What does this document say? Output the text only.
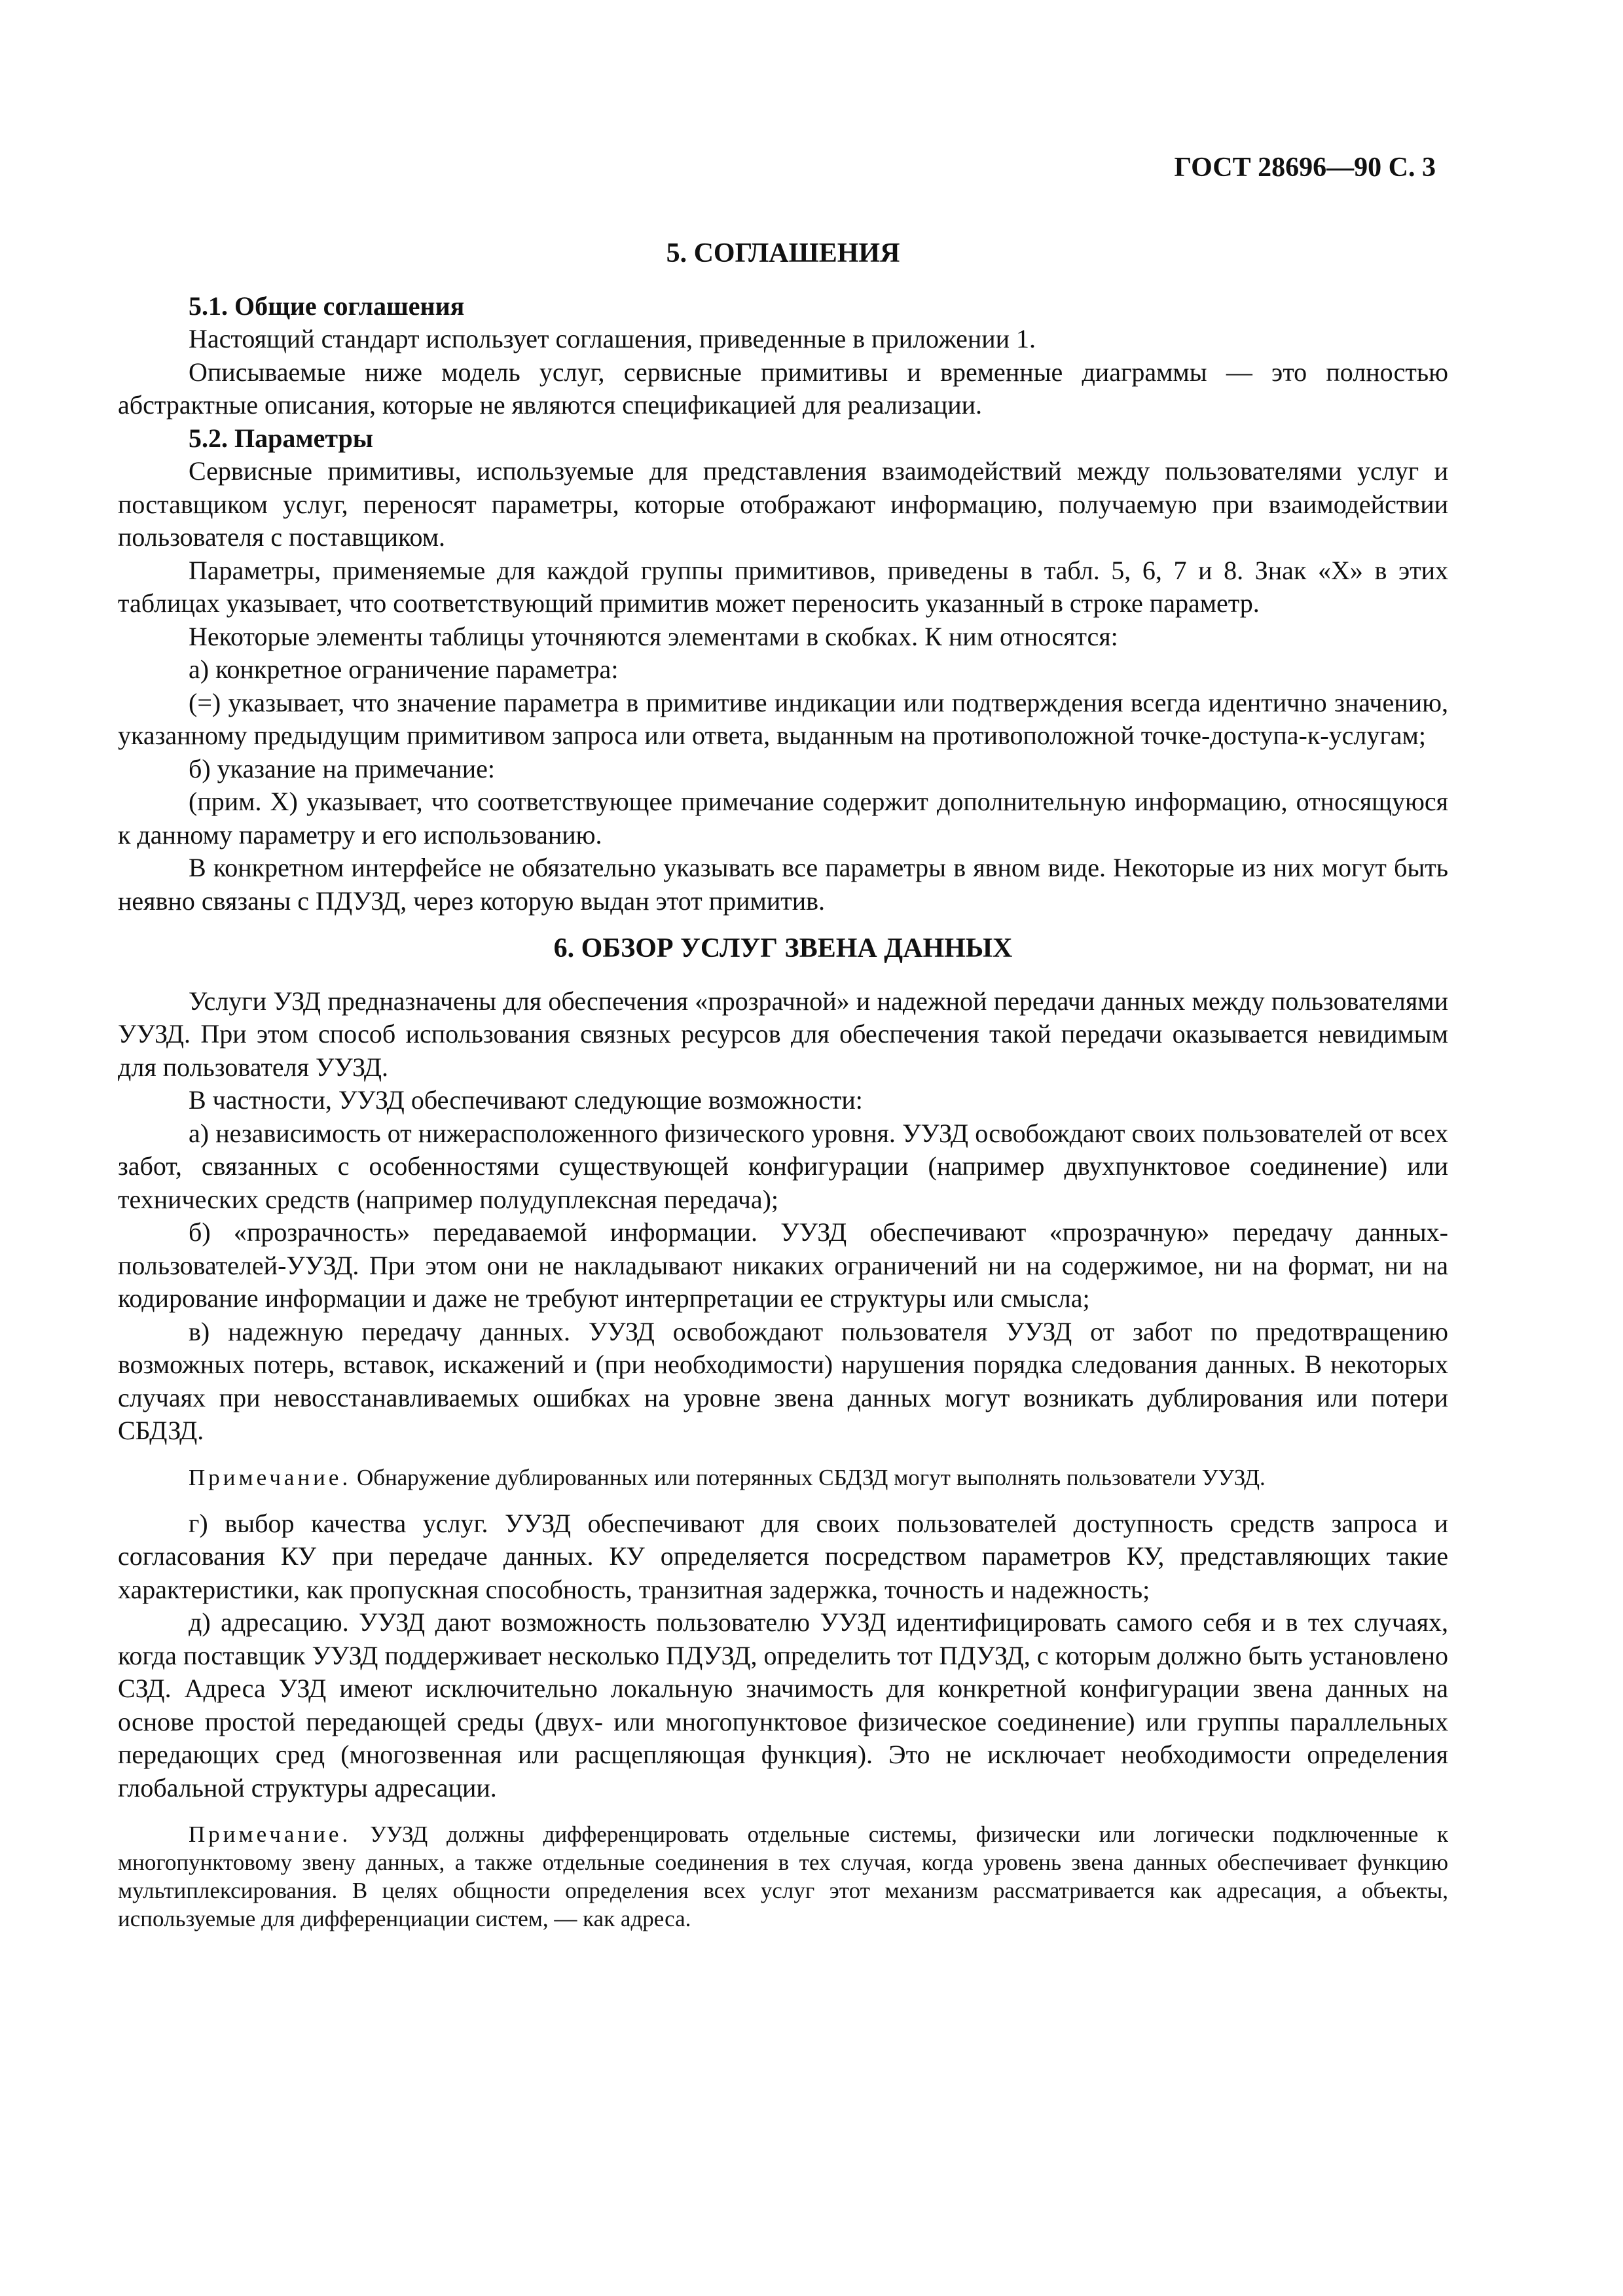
ГОСТ 28696—90 С. 3

5. СОГЛАШЕНИЯ

5.1. Общие соглашения

Настоящий стандарт использует соглашения, приведенные в приложении 1.

Описываемые ниже модель услуг, сервисные примитивы и временные диаграммы — это полностью абстрактные описания, которые не являются спецификацией для реализации.

5.2. Параметры

Сервисные примитивы, используемые для представления взаимодействий между пользователями услуг и поставщиком услуг, переносят параметры, которые отображают информацию, получаемую при взаимодействии пользователя с поставщиком.

Параметры, применяемые для каждой группы примитивов, приведены в табл. 5, 6, 7 и 8. Знак «Х» в этих таблицах указывает, что соответствующий примитив может переносить указанный в строке параметр.

Некоторые элементы таблицы уточняются элементами в скобках. К ним относятся:

а) конкретное ограничение параметра:

(=) указывает, что значение параметра в примитиве индикации или подтверждения всегда идентично значению, указанному предыдущим примитивом запроса или ответа, выданным на противоположной точке-доступа-к-услугам;

б) указание на примечание:

(прим. Х) указывает, что соответствующее примечание содержит дополнительную информацию, относящуюся к данному параметру и его использованию.

В конкретном интерфейсе не обязательно указывать все параметры в явном виде. Некоторые из них могут быть неявно связаны с ПДУЗД, через которую выдан этот примитив.

6. ОБЗОР УСЛУГ ЗВЕНА ДАННЫХ

Услуги УЗД предназначены для обеспечения «прозрачной» и надежной передачи данных между пользователями УУЗД. При этом способ использования связных ресурсов для обеспечения такой передачи оказывается невидимым для пользователя УУЗД.

В частности, УУЗД обеспечивают следующие возможности:

а) независимость от нижерасположенного физического уровня. УУЗД освобождают своих пользователей от всех забот, связанных с особенностями существующей конфигурации (например двухпунктовое соединение) или технических средств (например полудуплексная передача);

б) «прозрачность» передаваемой информации. УУЗД обеспечивают «прозрачную» передачу данных-пользователей-УУЗД. При этом они не накладывают никаких ограничений ни на содержимое, ни на формат, ни на кодирование информации и даже не требуют интерпретации ее структуры или смысла;

в) надежную передачу данных. УУЗД освобождают пользователя УУЗД от забот по предотвращению возможных потерь, вставок, искажений и (при необходимости) нарушения порядка следования данных. В некоторых случаях при невосстанавливаемых ошибках на уровне звена данных могут возникать дублирования или потери СБДЗД.

Примечание. Обнаружение дублированных или потерянных СБДЗД могут выполнять пользователи УУЗД.

г) выбор качества услуг. УУЗД обеспечивают для своих пользователей доступность средств запроса и согласования КУ при передаче данных. КУ определяется посредством параметров КУ, представляющих такие характеристики, как пропускная способность, транзитная задержка, точность и надежность;

д) адресацию. УУЗД дают возможность пользователю УУЗД идентифицировать самого себя и в тех случаях, когда поставщик УУЗД поддерживает несколько ПДУЗД, определить тот ПДУЗД, с которым должно быть установлено СЗД. Адреса УЗД имеют исключительно локальную значимость для конкретной конфигурации звена данных на основе простой передающей среды (двух- или многопунктовое физическое соединение) или группы параллельных передающих сред (многозвенная или расщепляющая функция). Это не исключает необходимости определения глобальной структуры адресации.

Примечание. УУЗД должны дифференцировать отдельные системы, физически или логически подключенные к многопунктовому звену данных, а также отдельные соединения в тех случая, когда уровень звена данных обеспечивает функцию мультиплексирования. В целях общности определения всех услуг этот механизм рассматривается как адресация, а объекты, используемые для дифференциации систем, — как адреса.
